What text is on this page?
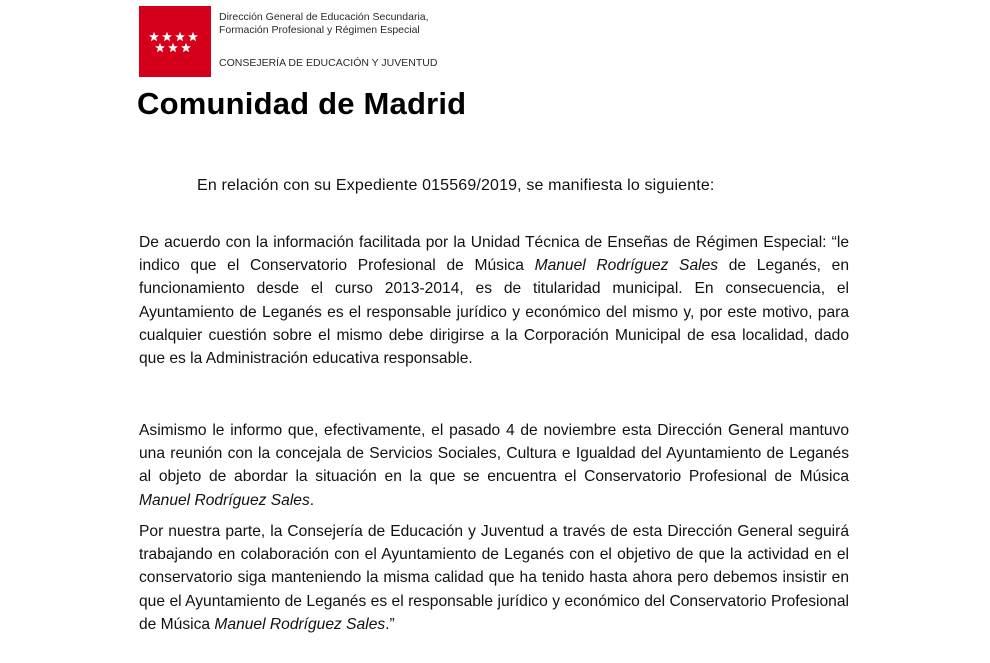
Dirección General de Educación Secundaria,
Formación Profesional y Régimen Especial
CONSEJERÍA DE EDUCACIÓN Y JUVENTUD
Comunidad de Madrid
En relación con su Expediente 015569/2019, se manifiesta lo siguiente:

De acuerdo con la información facilitada por la Unidad Técnica de Enseñas de Régimen Especial: “le indico que el Conservatorio Profesional de Música Manuel Rodríguez Sales de Leganés, en funcionamiento desde el curso 2013-2014, es de titularidad municipal. En consecuencia, el Ayuntamiento de Leganés es el responsable jurídico y económico del mismo y, por este motivo, para cualquier cuestión sobre el mismo debe dirigirse a la Corporación Municipal de esa localidad, dado que es la Administración educativa responsable.

Asimismo le informo que, efectivamente, el pasado 4 de noviembre esta Dirección General mantuvo una reunión con la concejala de Servicios Sociales, Cultura e Igualdad del Ayuntamiento de Leganés al objeto de abordar la situación en la que se encuentra el Conservatorio Profesional de Música Manuel Rodríguez Sales.

Por nuestra parte, la Consejería de Educación y Juventud a través de esta Dirección General seguirá trabajando en colaboración con el Ayuntamiento de Leganés con el objetivo de que la actividad en el conservatorio siga manteniendo la misma calidad que ha tenido hasta ahora pero debemos insistir en que el Ayuntamiento de Leganés es el responsable jurídico y económico del Conservatorio Profesional de Música Manuel Rodríguez Sales.”
